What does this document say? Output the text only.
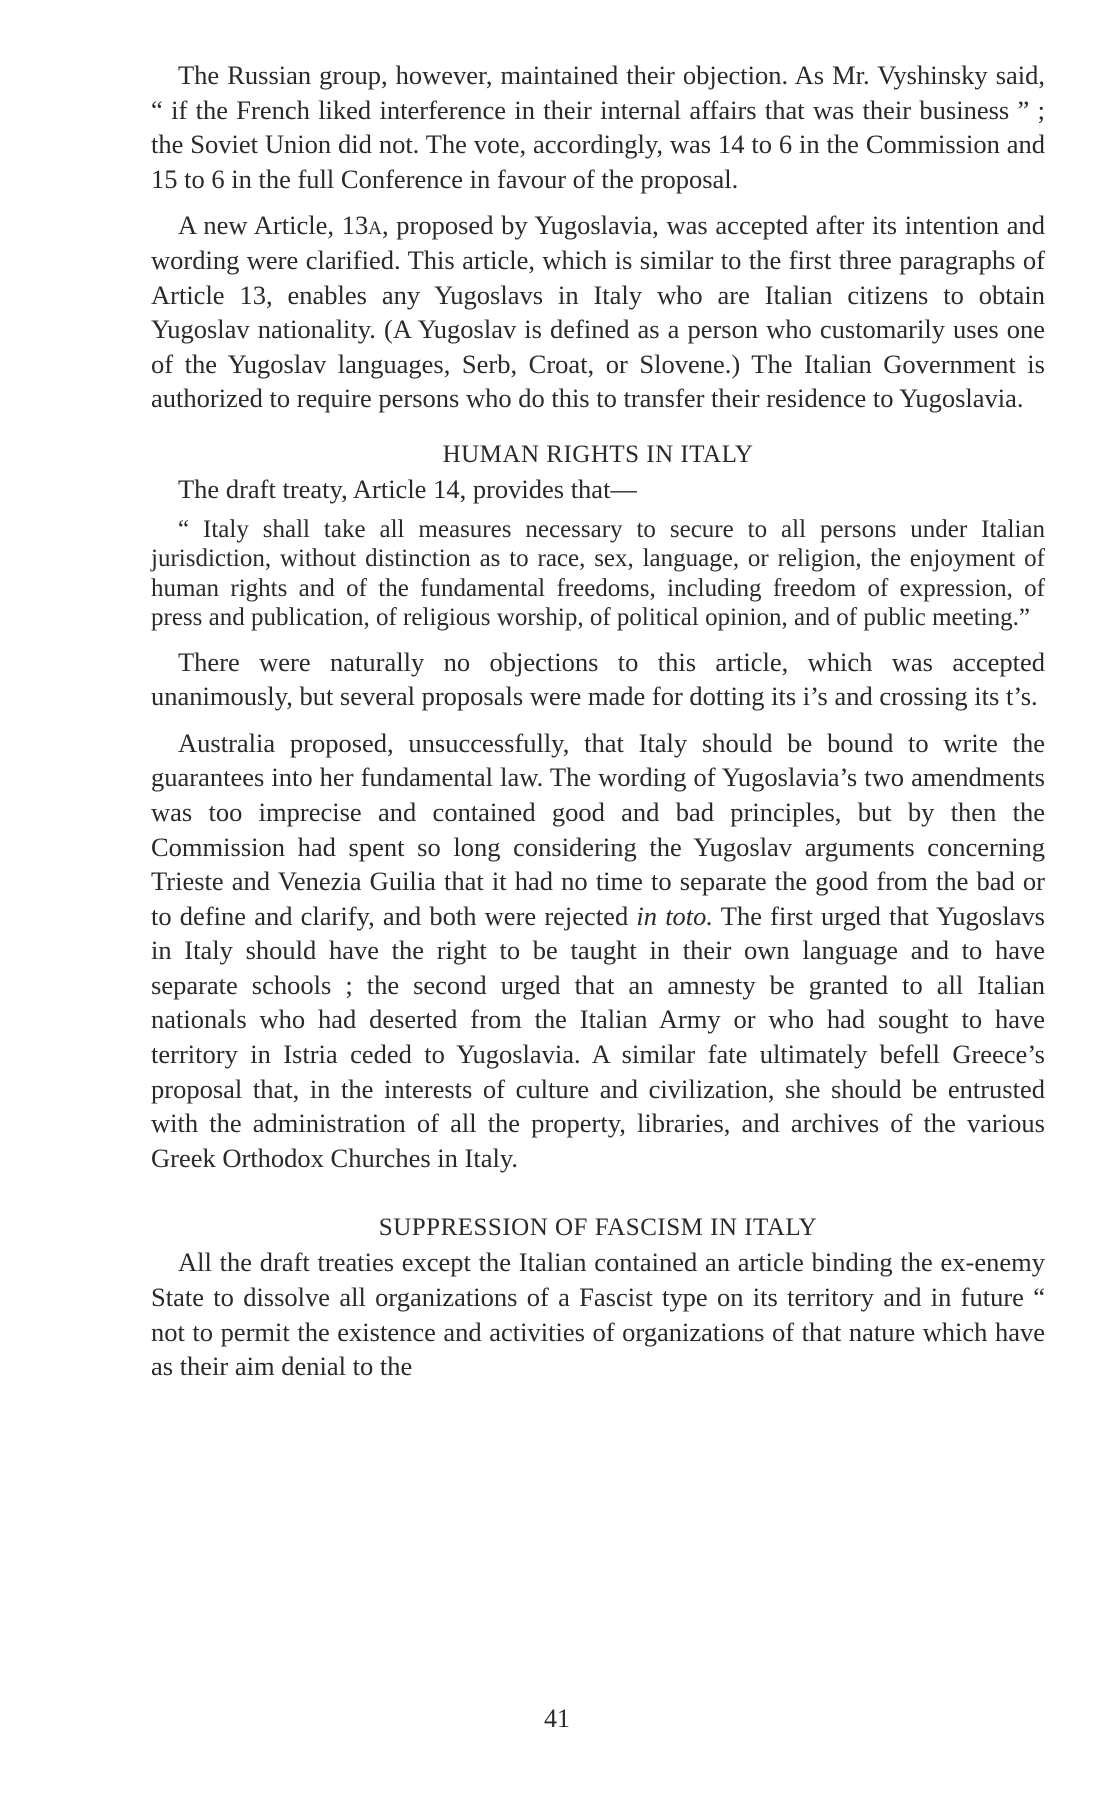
The Russian group, however, maintained their objection. As Mr. Vyshinsky said, “ if the French liked interference in their internal affairs that was their business ” ; the Soviet Union did not. The vote, accordingly, was 14 to 6 in the Commission and 15 to 6 in the full Conference in favour of the proposal.

A new Article, 13a, proposed by Yugoslavia, was accepted after its intention and wording were clarified. This article, which is similar to the first three paragraphs of Article 13, enables any Yugoslavs in Italy who are Italian citizens to obtain Yugoslav nationality. (A Yugoslav is defined as a person who customarily uses one of the Yugoslav languages, Serb, Croat, or Slovene.) The Italian Government is authorized to require persons who do this to transfer their residence to Yugoslavia.

HUMAN RIGHTS IN ITALY

The draft treaty, Article 14, provides that—

“ Italy shall take all measures necessary to secure to all persons under Italian jurisdiction, without distinction as to race, sex, language, or religion, the enjoyment of human rights and of the fundamental freedoms, including freedom of expression, of press and publication, of religious worship, of political opinion, and of public meeting.”

There were naturally no objections to this article, which was accepted unanimously, but several proposals were made for dotting its i’s and crossing its t’s.

Australia proposed, unsuccessfully, that Italy should be bound to write the guarantees into her fundamental law. The wording of Yugoslavia’s two amendments was too imprecise and contained good and bad principles, but by then the Commission had spent so long considering the Yugoslav arguments concerning Trieste and Venezia Guilia that it had no time to separate the good from the bad or to define and clarify, and both were rejected in toto. The first urged that Yugoslavs in Italy should have the right to be taught in their own language and to have separate schools ; the second urged that an amnesty be granted to all Italian nationals who had deserted from the Italian Army or who had sought to have territory in Istria ceded to Yugoslavia. A similar fate ultimately befell Greece’s proposal that, in the interests of culture and civilization, she should be entrusted with the administration of all the property, libraries, and archives of the various Greek Orthodox Churches in Italy.

SUPPRESSION OF FASCISM IN ITALY

All the draft treaties except the Italian contained an article binding the ex-enemy State to dissolve all organizations of a Fascist type on its territory and in future “ not to permit the existence and activities of organizations of that nature which have as their aim denial to the

41
